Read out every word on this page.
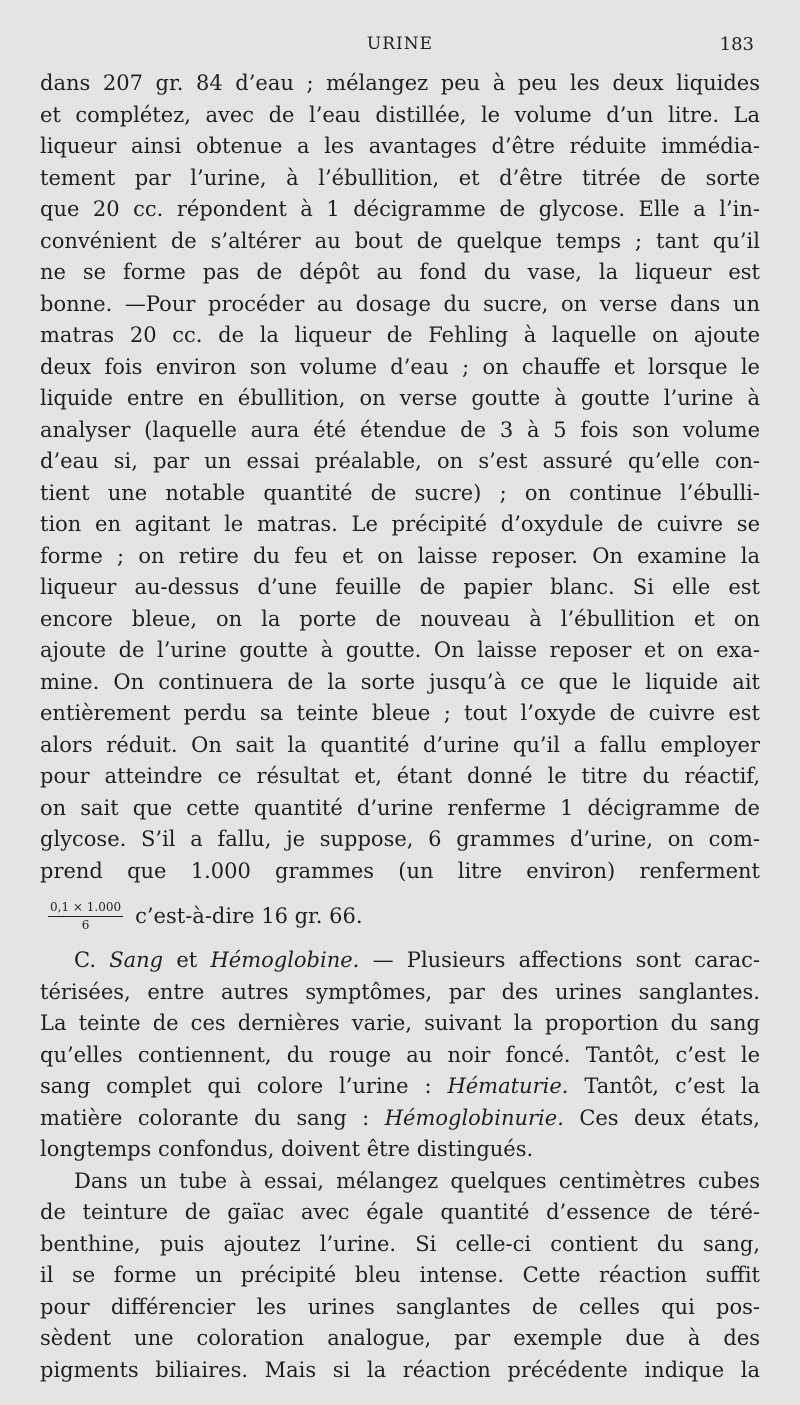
URINE	183
dans 207 gr. 84 d’eau ; mélangez peu à peu les deux liquides
et complétez, avec de l’eau distillée, le volume d’un litre. La
liqueur ainsi obtenue a les avantages d’être réduite immédia-
tement par l’urine, à l’ébullition, et d’être titrée de sorte
que 20 cc. répondent à 1 décigramme de glycose. Elle a l’in-
convénient de s’altérer au bout de quelque temps ; tant qu’il
ne se forme pas de dépôt au fond du vase, la liqueur est
bonne. —Pour procéder au dosage du sucre, on verse dans un
matras 20 cc. de la liqueur de Fehling à laquelle on ajoute
deux fois environ son volume d’eau ; on chauffe et lorsque le
liquide entre en ébullition, on verse goutte à goutte l’urine à
analyser (laquelle aura été étendue de 3 à 5 fois son volume
d’eau si, par un essai préalable, on s’est assuré qu’elle con-
tient une notable quantité de sucre) ; on continue l’ébulli-
tion en agitant le matras. Le précipité d’oxydule de cuivre se
forme ; on retire du feu et on laisse reposer. On examine la
liqueur au-dessus d’une feuille de papier blanc. Si elle est
encore bleue, on la porte de nouveau à l’ébullition et on
ajoute de l’urine goutte à goutte. On laisse reposer et on exa-
mine. On continuera de la sorte jusqu’à ce que le liquide ait
entièrement perdu sa teinte bleue ; tout l’oxyde de cuivre est
alors réduit. On sait la quantité d’urine qu’il a fallu employer
pour atteindre ce résultat et, étant donné le titre du réactif,
on sait que cette quantité d’urine renferme 1 décigramme de
glycose. S’il a fallu, je suppose, 6 grammes d’urine, on com-
prend que 1.000 grammes (un litre environ) renferment
$\frac{0,1 \times 1.000}{6}$ c’est-à-dire 16 gr. 66.
C. Sang et Hémoglobine. — Plusieurs affections sont carac-
térisées, entre autres symptômes, par des urines sanglantes.
La teinte de ces dernières varie, suivant la proportion du sang
qu’elles contiennent, du rouge au noir foncé. Tantôt, c’est le
sang complet qui colore l’urine : Hématurie. Tantôt, c’est la
matière colorante du sang : Hémoglobinurie. Ces deux états,
longtemps confondus, doivent être distingués.
Dans un tube à essai, mélangez quelques centimètres cubes
de teinture de gaïac avec égale quantité d’essence de téré-
benthine, puis ajoutez l’urine. Si celle-ci contient du sang,
il se forme un précipité bleu intense. Cette réaction suffit
pour différencier les urines sanglantes de celles qui pos-
sèdent une coloration analogue, par exemple due à des
pigments biliaires. Mais si la réaction précédente indique la
